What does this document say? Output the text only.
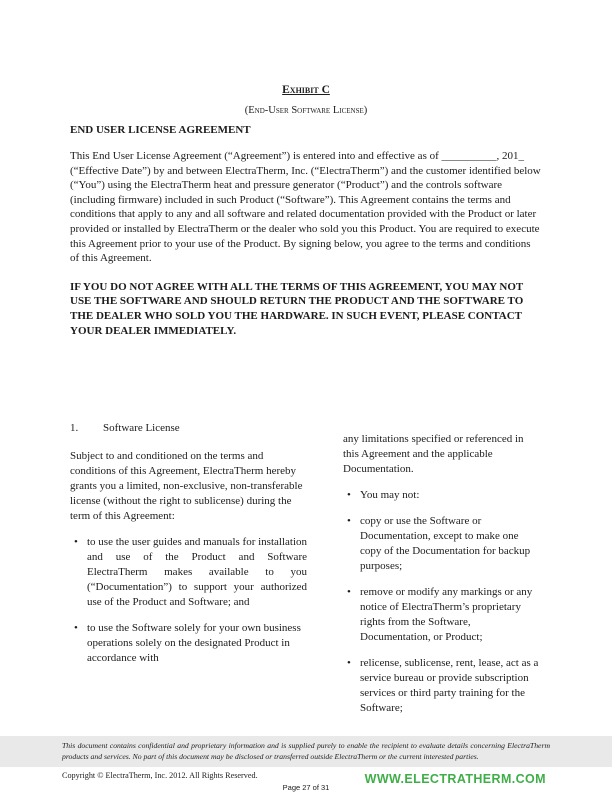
Exhibit C
(End-User Software License)
END USER LICENSE AGREEMENT

This End User License Agreement (“Agreement”) is entered into and effective as of __________, 201_ (“Effective Date”) by and between ElectraTherm, Inc. (“ElectraTherm”) and the customer identified below (“You”) using the ElectraTherm heat and pressure generator (“Product”) and the controls software (including firmware) included in such Product (“Software”). This Agreement contains the terms and conditions that apply to any and all software and related documentation provided with the Product or later provided or installed by ElectraTherm or the dealer who sold you this Product. You are required to execute this Agreement prior to your use of the Product. By signing below, you agree to the terms and conditions of this Agreement.

IF YOU DO NOT AGREE WITH ALL THE TERMS OF THIS AGREEMENT, YOU MAY NOT USE THE SOFTWARE AND SHOULD RETURN THE PRODUCT AND THE SOFTWARE TO THE DEALER WHO SOLD YOU THE HARDWARE. IN SUCH EVENT, PLEASE CONTACT YOUR DEALER IMMEDIATELY.

1. Software License

Subject to and conditioned on the terms and conditions of this Agreement, ElectraTherm hereby grants you a limited, non-exclusive, non-transferable license (without the right to sublicense) during the term of this Agreement:

• to use the user guides and manuals for installation and use of the Product and Software ElectraTherm makes available to you (“Documentation”) to support your authorized use of the Product and Software; and
• to use the Software solely for your own business operations solely on the designated Product in accordance with

any limitations specified or referenced in this Agreement and the applicable Documentation.

• You may not:
• copy or use the Software or Documentation, except to make one copy of the Documentation for backup purposes;
• remove or modify any markings or any notice of ElectraTherm’s proprietary rights from the Software, Documentation, or Product;
• relicense, sublicense, rent, lease, act as a service bureau or provide subscription services or third party training for the Software;

This document contains confidential and proprietary information and is supplied purely to enable the recipient to evaluate details concerning ElectraTherm products and services. No part of this document may be disclosed or transferred outside ElectraTherm or the current interested parties.

Copyright © ElectraTherm, Inc. 2012. All Rights Reserved.
Page 27 of 31
WWW.ELECTRATHERM.COM
